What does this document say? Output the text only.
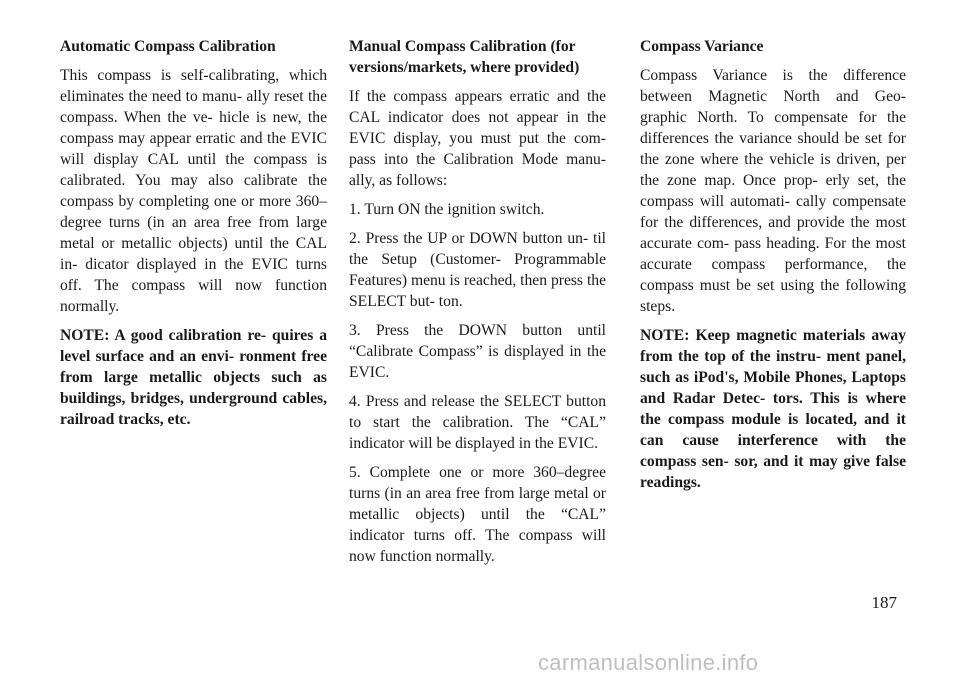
Automatic Compass Calibration

This compass is self-calibrating, which eliminates the need to manu- ally reset the compass. When the ve- hicle is new, the compass may appear erratic and the EVIC will display CAL until the compass is calibrated. You may also calibrate the compass by completing one or more 360–degree turns (in an area free from large metal or metallic objects) until the CAL in- dicator displayed in the EVIC turns off. The compass will now function normally.

NOTE: A good calibration re- quires a level surface and an envi- ronment free from large metallic objects such as buildings, bridges, underground cables, railroad tracks, etc.

Manual Compass Calibration (for versions/markets, where provided)

If the compass appears erratic and the CAL indicator does not appear in the EVIC display, you must put the com- pass into the Calibration Mode manu- ally, as follows:

1. Turn ON the ignition switch.

2. Press the UP or DOWN button un- til the Setup (Customer- Programmable Features) menu is reached, then press the SELECT but- ton.

3. Press the DOWN button until “Calibrate Compass” is displayed in the EVIC.

4. Press and release the SELECT button to start the calibration. The “CAL” indicator will be displayed in the EVIC.

5. Complete one or more 360–degree turns (in an area free from large metal or metallic objects) until the “CAL” indicator turns off. The compass will now function normally.

Compass Variance

Compass Variance is the difference between Magnetic North and Geo- graphic North. To compensate for the differences the variance should be set for the zone where the vehicle is driven, per the zone map. Once prop- erly set, the compass will automati- cally compensate for the differences, and provide the most accurate com- pass heading. For the most accurate compass performance, the compass must be set using the following steps.

NOTE: Keep magnetic materials away from the top of the instru- ment panel, such as iPod's, Mobile Phones, Laptops and Radar Detec- tors. This is where the compass module is located, and it can cause interference with the compass sen- sor, and it may give false readings.

187
carmanualsonline.info
